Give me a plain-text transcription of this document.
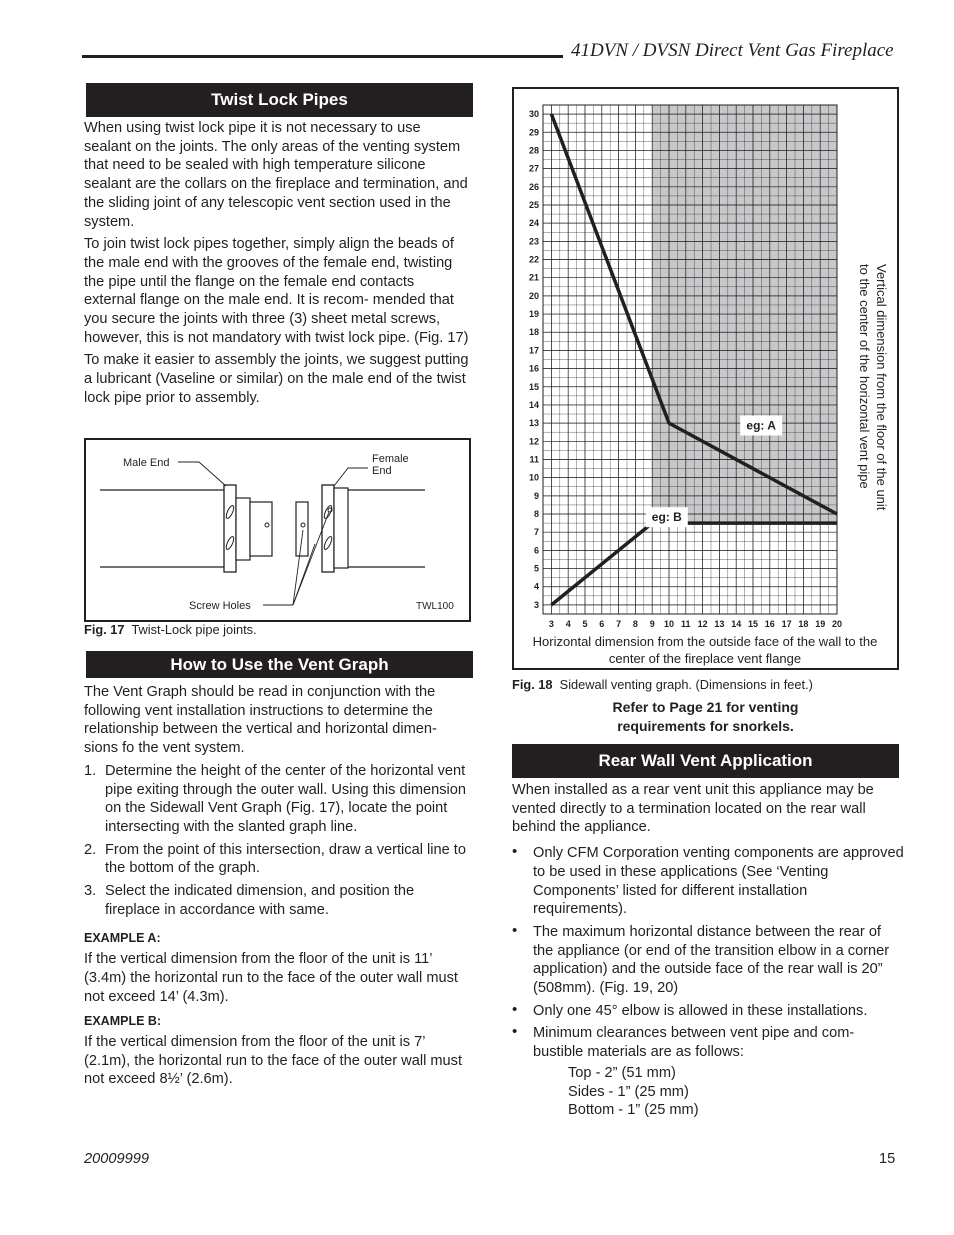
41DVN / DVSN Direct Vent Gas Fireplace
Twist Lock Pipes

When using twist lock pipe it is not necessary to use sealant on the joints. The only areas of the venting system that need to be sealed with high temperature silicone sealant are the collars on the fireplace and termination, and the sliding joint of any telescopic vent section used in the system.

To join twist lock pipes together, simply align the beads of the male end with the grooves of the female end, twisting the pipe until the flange on the female end contacts external flange on the male end. It is recom- mended that you secure the joints with three (3) sheet metal screws, however, this is not mandatory with twist lock pipe. (Fig. 17)

To make it easier to assembly the joints, we suggest putting a lubricant (Vaseline or similar) on the male end of the twist lock pipe prior to assembly.

Male End	Female
End
Screw Holes	TWL100
Fig. 17 Twist-Lock pipe joints.
How to Use the Vent Graph

The Vent Graph should be read in conjunction with the following vent installation instructions to determine the relationship between the vertical and horizontal dimen- sions fo the vent system.

1. Determine the height of the center of the horizontal vent pipe exiting through the outer wall. Using this dimension on the Sidewall Vent Graph (Fig. 17), locate the point intersecting with the slanted graph line.
2. From the point of this intersection, draw a vertical line to the bottom of the graph.
3. Select the indicated dimension, and position the fireplace in accordance with same.
EXAMPLE A:

If the vertical dimension from the floor of the unit is 11’ (3.4m) the horizontal run to the face of the outer wall must not exceed 14’ (4.3m).

EXAMPLE B:

If the vertical dimension from the floor of the unit is 7’ (2.1m), the horizontal run to the face of the outer wall must not exceed 8½’ (2.6m).

3
4
5
6
7
8
9
10
11
12
13
14
15
16
17
18
19
20
21
22
23
24
25
26
27
28
29
30
3 4 5 6 7 8 9 10 11 12 13 14 15 16 17 18 19 20
eg: A
eg: B
Horizontal dimension from the outside face of the wall to the
center of the fireplace vent flange
Vertical dimension from the floor of the unit
to the center of the horizontal vent pipe
Fig. 18 Sidewall venting graph. (Dimensions in feet.)
Refer to Page 21 for venting
requirements for snorkels.
Rear Wall Vent Application

When installed as a rear vent unit this appliance may be vented directly to a termination located on the rear wall behind the appliance.

• Only CFM Corporation venting components are approved to be used in these applications (See ‘Venting Components’ listed for different installation requirements).
• The maximum horizontal distance between the rear of the appliance (or end of the transition elbow in a corner application) and the outside face of the rear wall is 20” (508mm). (Fig. 19, 20)
• Only one 45° elbow is allowed in these installations.
• Minimum clearances between vent pipe and com- bustible materials are as follows:
Top - 2” (51 mm)
Sides - 1” (25 mm)
Bottom - 1” (25 mm)
20009999	15
